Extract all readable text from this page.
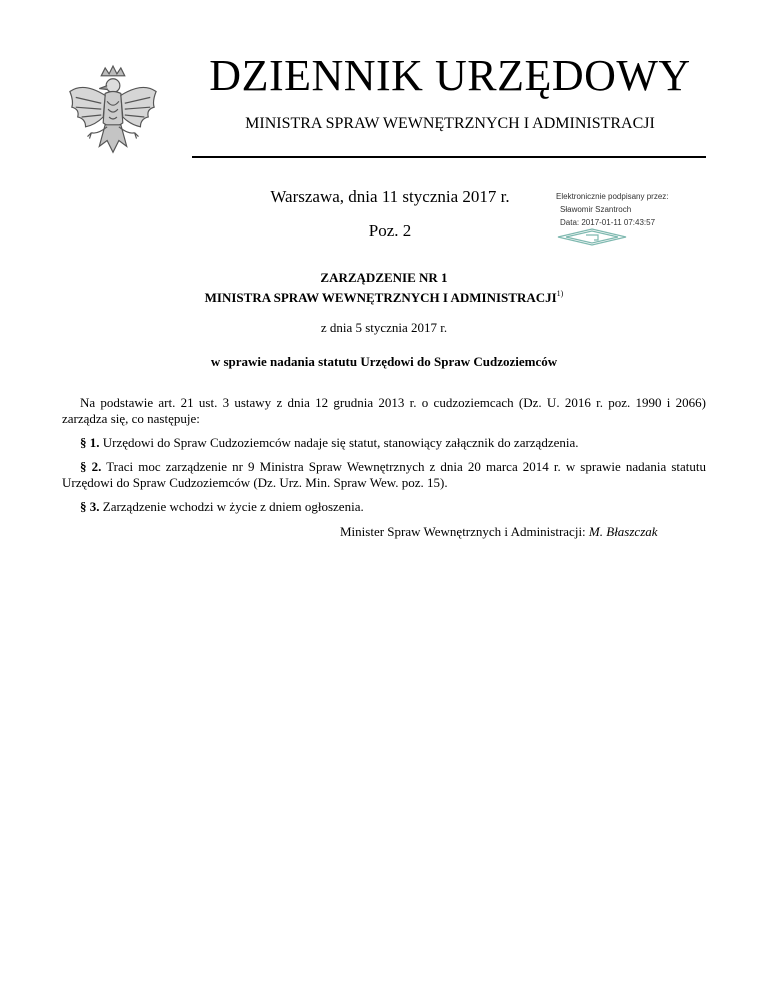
DZIENNIK URZĘDOWY
MINISTRA SPRAW WEWNĘTRZNYCH I ADMINISTRACJI
Warszawa, dnia 11 stycznia 2017 r.
Poz. 2
Elektronicznie podpisany przez:
Sławomir Szantroch
Data: 2017-01-11 07:43:57
ZARZĄDZENIE NR 1
MINISTRA SPRAW WEWNĘTRZNYCH I ADMINISTRACJI$^{1)}$
z dnia 5 stycznia 2017 r.
w sprawie nadania statutu Urzędowi do Spraw Cudzoziemców

Na podstawie art. 21 ust. 3 ustawy z dnia 12 grudnia 2013 r. o cudzoziemcach (Dz. U. 2016 r. poz. 1990 i 2066) zarządza się, co następuje:

§ 1. Urzędowi do Spraw Cudzoziemców nadaje się statut, stanowiący załącznik do zarządzenia.

§ 2. Traci moc zarządzenie nr 9 Ministra Spraw Wewnętrznych z dnia 20 marca 2014 r. w sprawie nadania statutu Urzędowi do Spraw Cudzoziemców (Dz. Urz. Min. Spraw Wew. poz. 15).

§ 3. Zarządzenie wchodzi w życie z dniem ogłoszenia.

Minister Spraw Wewnętrznych i Administracji: M. Błaszczak
